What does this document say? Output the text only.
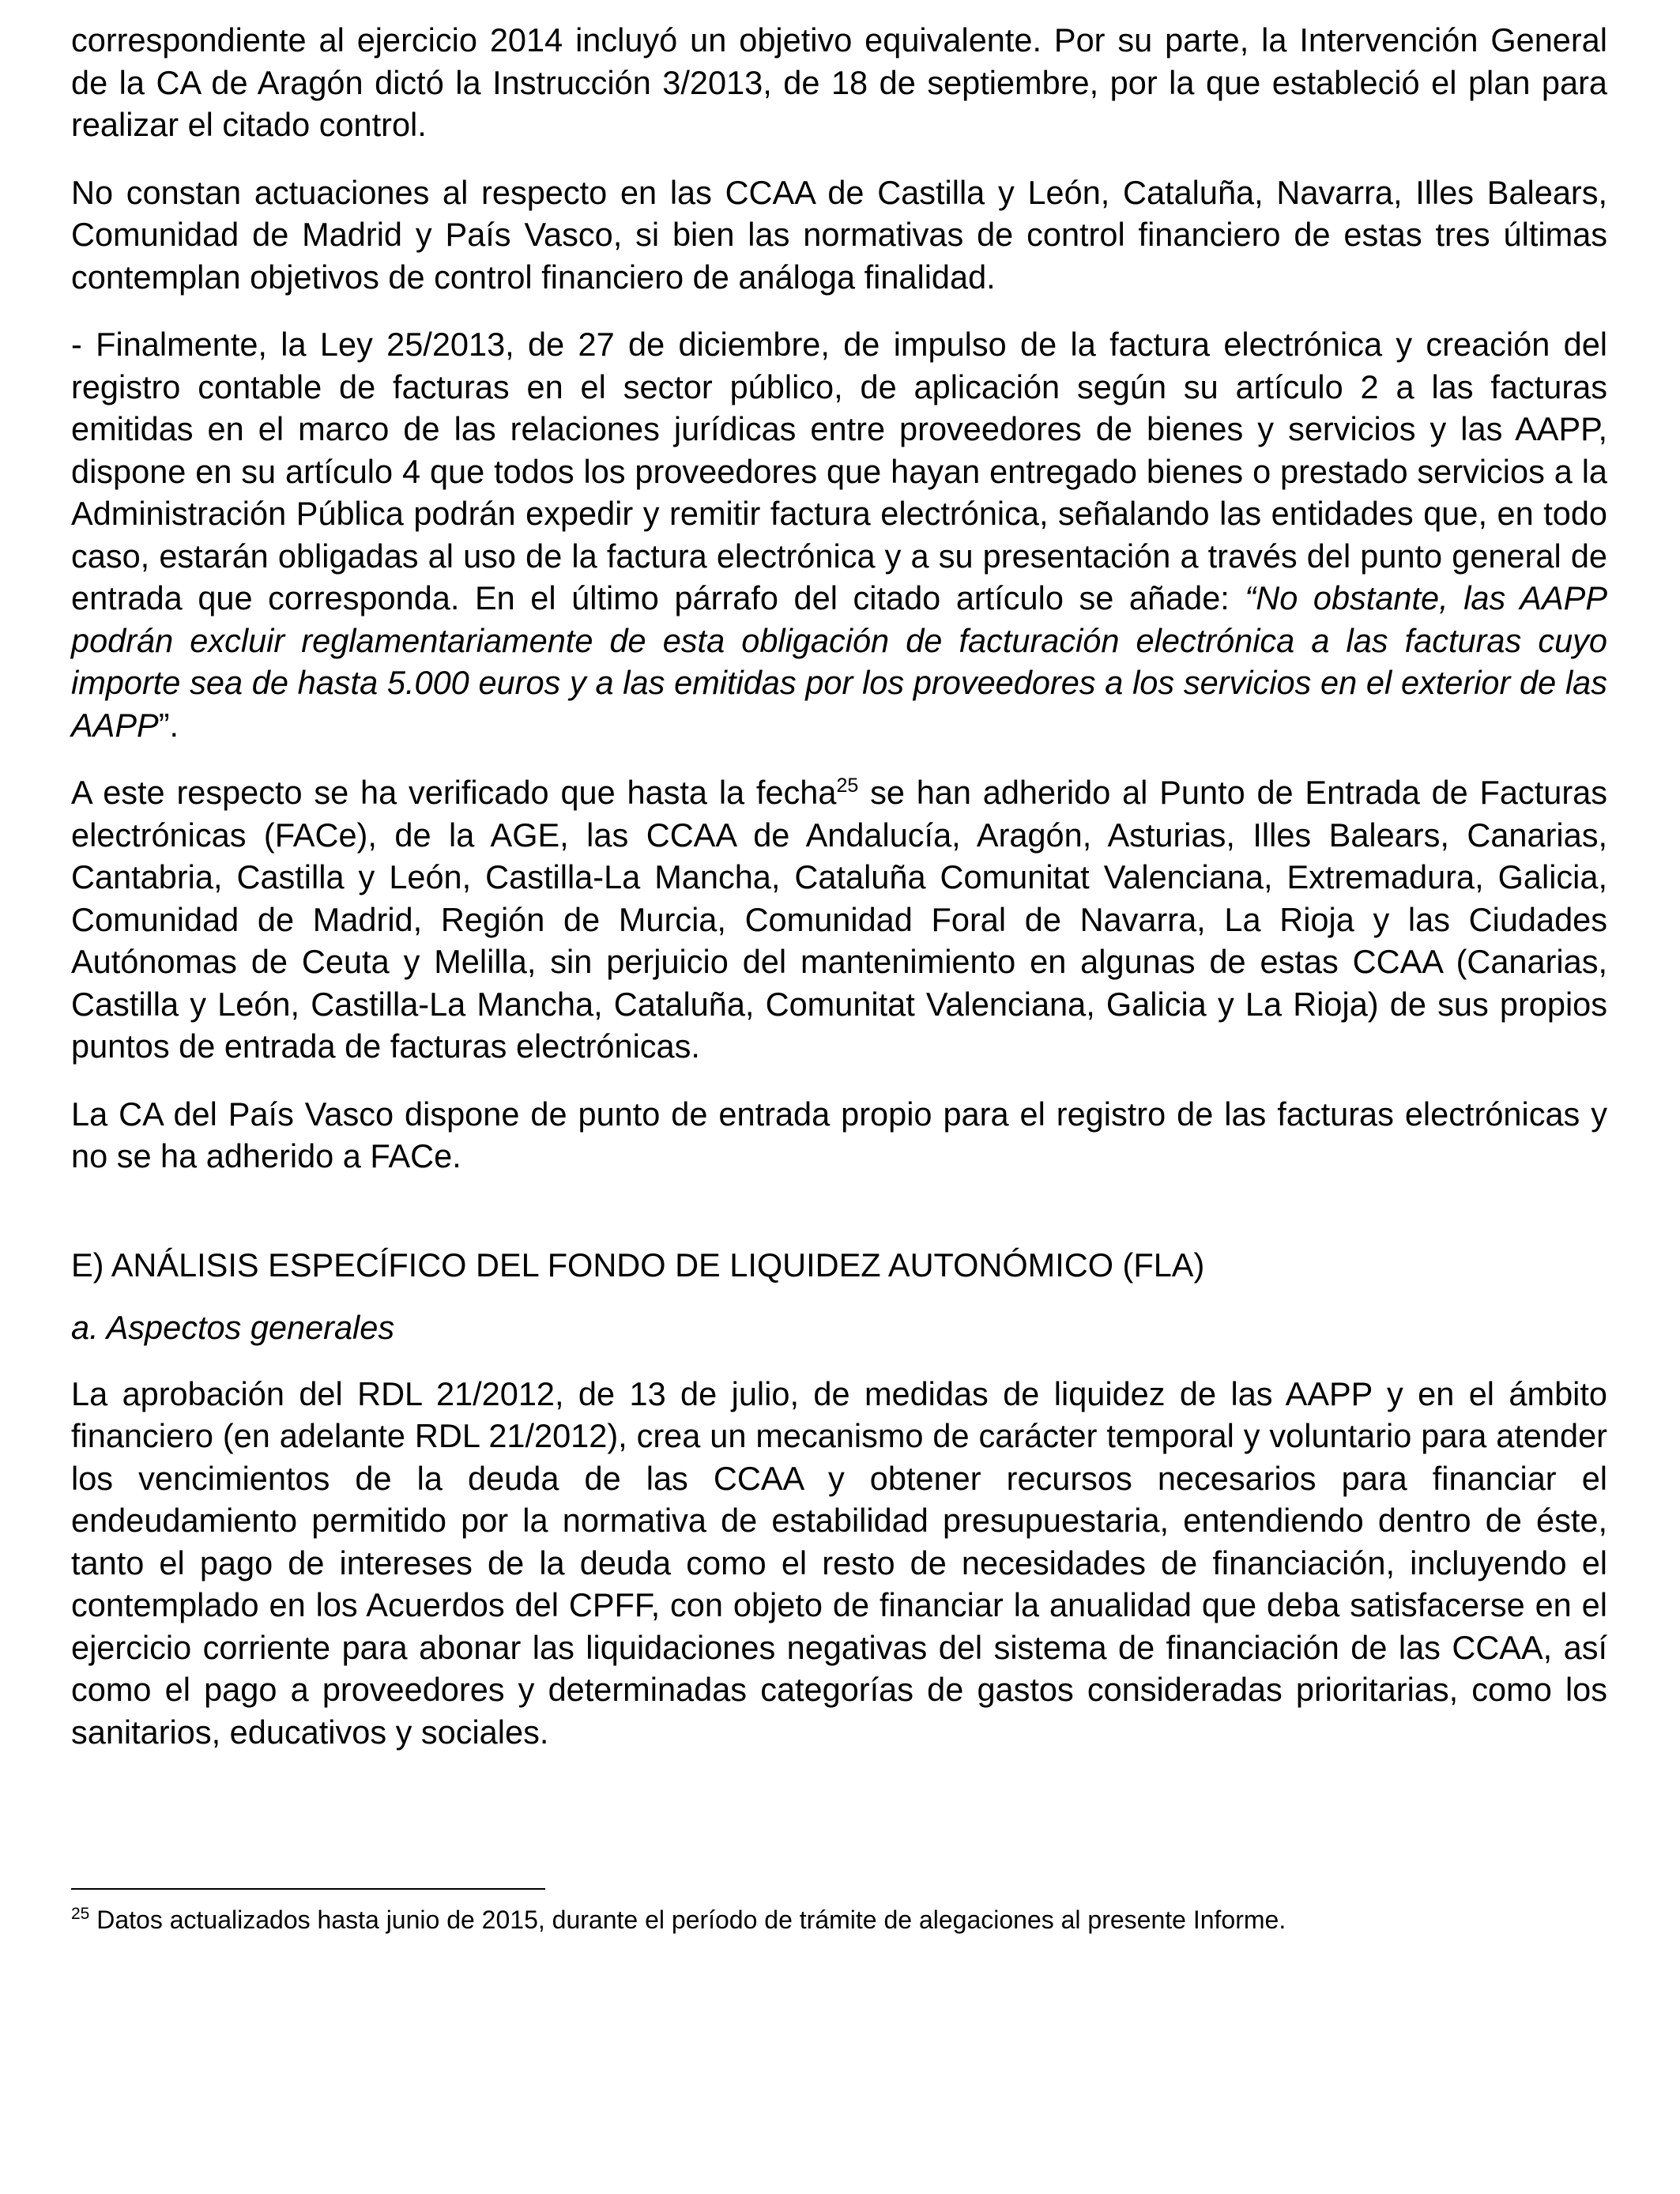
correspondiente al ejercicio 2014 incluyó un objetivo equivalente. Por su parte, la Intervención General de la CA de Aragón dictó la Instrucción 3/2013, de 18 de septiembre, por la que estableció el plan para realizar el citado control.

No constan actuaciones al respecto en las CCAA de Castilla y León, Cataluña, Navarra, Illes Balears, Comunidad de Madrid y País Vasco, si bien las normativas de control financiero de estas tres últimas contemplan objetivos de control financiero de análoga finalidad.

- Finalmente, la Ley 25/2013, de 27 de diciembre, de impulso de la factura electrónica y creación del registro contable de facturas en el sector público, de aplicación según su artículo 2 a las facturas emitidas en el marco de las relaciones jurídicas entre proveedores de bienes y servicios y las AAPP, dispone en su artículo 4 que todos los proveedores que hayan entregado bienes o prestado servicios a la Administración Pública podrán expedir y remitir factura electrónica, señalando las entidades que, en todo caso, estarán obligadas al uso de la factura electrónica y a su presentación a través del punto general de entrada que corresponda. En el último párrafo del citado artículo se añade: “No obstante, las AAPP podrán excluir reglamentariamente de esta obligación de facturación electrónica a las facturas cuyo importe sea de hasta 5.000 euros y a las emitidas por los proveedores a los servicios en el exterior de las AAPP”.

A este respecto se ha verificado que hasta la fecha$^{25}$ se han adherido al Punto de Entrada de Facturas electrónicas (FACe), de la AGE, las CCAA de Andalucía, Aragón, Asturias, Illes Balears, Canarias, Cantabria, Castilla y León, Castilla-La Mancha, Cataluña Comunitat Valenciana, Extremadura, Galicia, Comunidad de Madrid, Región de Murcia, Comunidad Foral de Navarra, La Rioja y las Ciudades Autónomas de Ceuta y Melilla, sin perjuicio del mantenimiento en algunas de estas CCAA (Canarias, Castilla y León, Castilla-La Mancha, Cataluña, Comunitat Valenciana, Galicia y La Rioja) de sus propios puntos de entrada de facturas electrónicas.

La CA del País Vasco dispone de punto de entrada propio para el registro de las facturas electrónicas y no se ha adherido a FACe.

E) ANÁLISIS ESPECÍFICO DEL FONDO DE LIQUIDEZ AUTONÓMICO (FLA)

a. Aspectos generales

La aprobación del RDL 21/2012, de 13 de julio, de medidas de liquidez de las AAPP y en el ámbito financiero (en adelante RDL 21/2012), crea un mecanismo de carácter temporal y voluntario para atender los vencimientos de la deuda de las CCAA y obtener recursos necesarios para financiar el endeudamiento permitido por la normativa de estabilidad presupuestaria, entendiendo dentro de éste, tanto el pago de intereses de la deuda como el resto de necesidades de financiación, incluyendo el contemplado en los Acuerdos del CPFF, con objeto de financiar la anualidad que deba satisfacerse en el ejercicio corriente para abonar las liquidaciones negativas del sistema de financiación de las CCAA, así como el pago a proveedores y determinadas categorías de gastos consideradas prioritarias, como los sanitarios, educativos y sociales.

$^{25}$ Datos actualizados hasta junio de 2015, durante el período de trámite de alegaciones al presente Informe.
